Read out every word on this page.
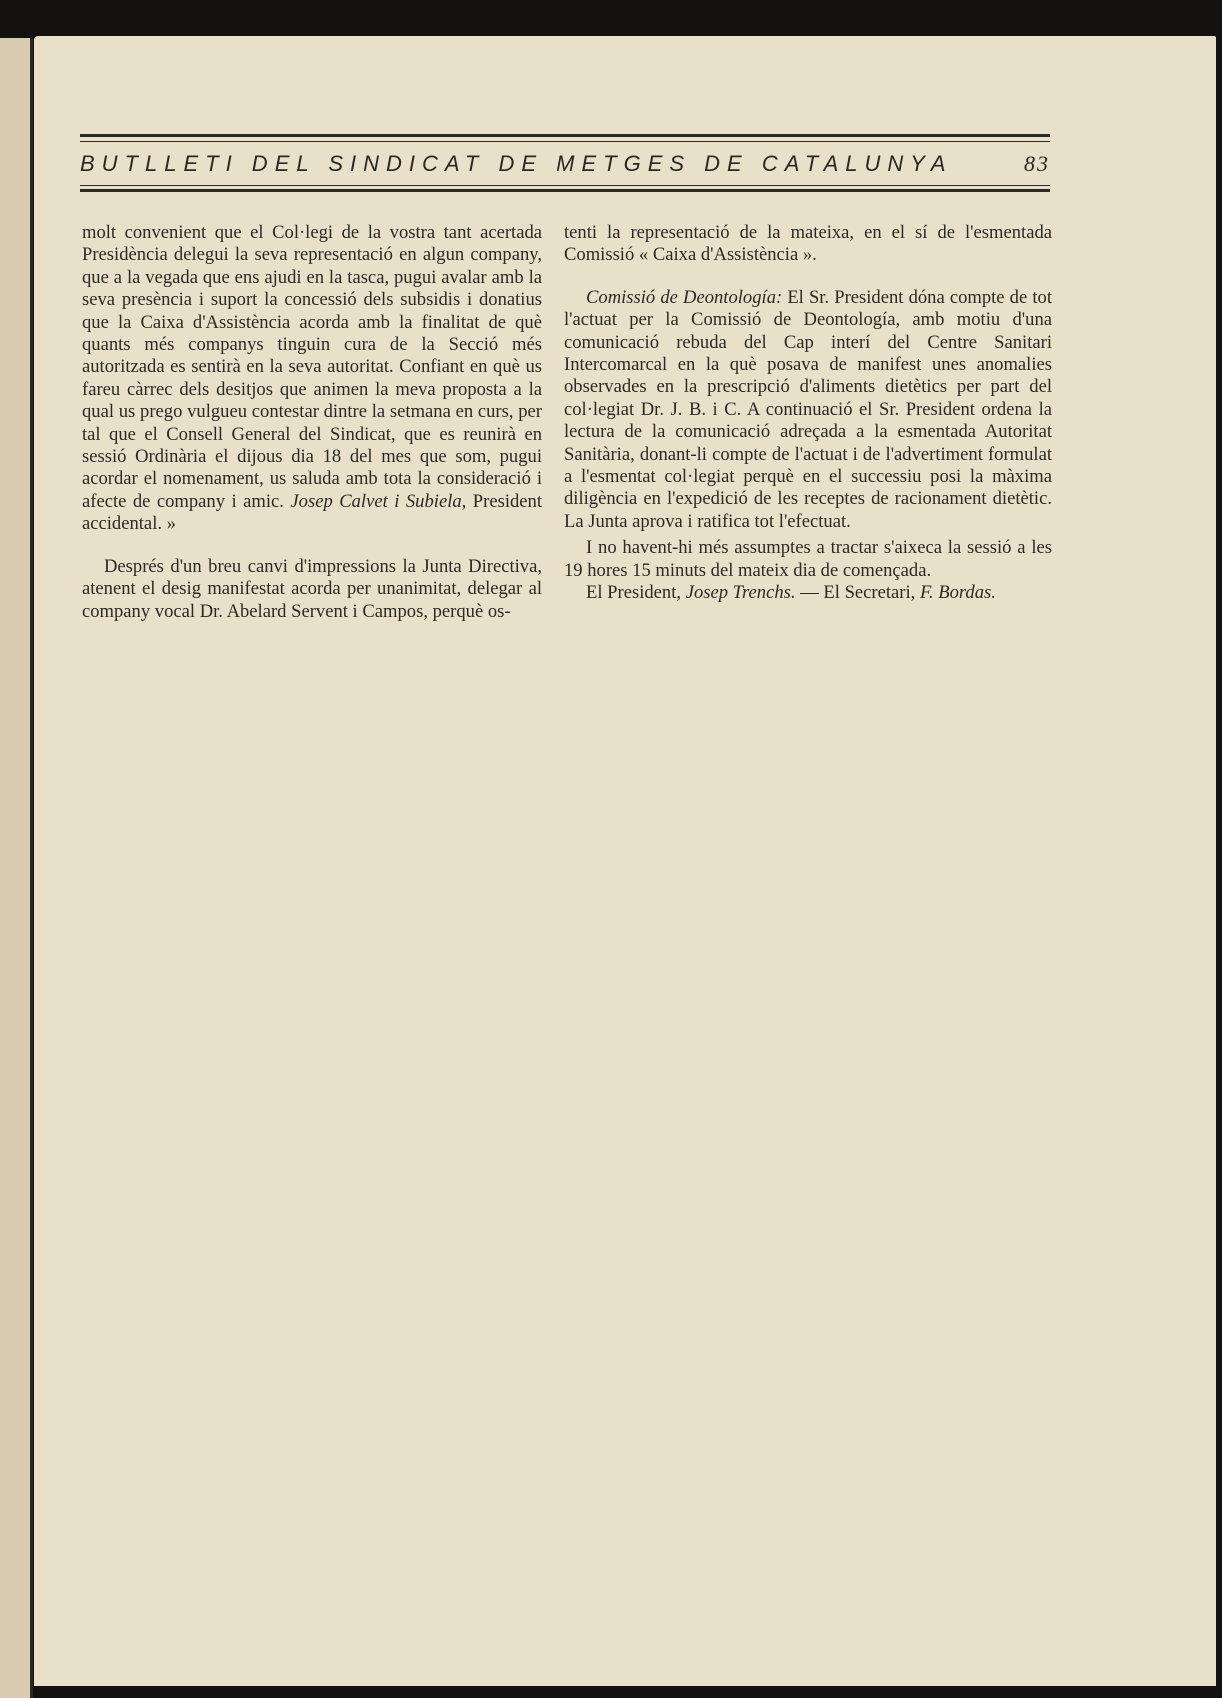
BUTLLETI DEL SINDICAT DE METGES DE CATALUNYA	83

molt convenient que el Col·legi de la vostra tant acertada Presidència delegui la seva representació en algun company, que a la vegada que ens ajudi en la tasca, pugui avalar amb la seva presència i suport la concessió dels subsidis i donatius que la Caixa d'Assistència acorda amb la finalitat de què quants més companys tinguin cura de la Secció més autoritzada es sentirà en la seva autoritat. Confiant en què us fareu càrrec dels desitjos que animen la meva proposta a la qual us prego vulgueu contestar dintre la setmana en curs, per tal que el Consell General del Sindicat, que es reunirà en sessió Ordinària el dijous dia 18 del mes que som, pugui acordar el nomenament, us saluda amb tota la consideració i afecte de company i amic. Josep Calvet i Subiela, President accidental. »

Després d'un breu canvi d'impressions la Junta Directiva, atenent el desig manifestat acorda per unanimitat, delegar al company vocal Dr. Abelard Servent i Campos, perquè os-

tenti la representació de la mateixa, en el sí de l'esmentada Comissió « Caixa d'Assistència ».

Comissió de Deontología: El Sr. President dóna compte de tot l'actuat per la Comissió de Deontología, amb motiu d'una comunicació rebuda del Cap interí del Centre Sanitari Intercomarcal en la què posava de manifest unes anomalies observades en la prescripció d'aliments dietètics per part del col·legiat Dr. J. B. i C. A continuació el Sr. President ordena la lectura de la comunicació adreçada a la esmentada Autoritat Sanitària, donant-li compte de l'actuat i de l'advertiment formulat a l'esmentat col·legiat perquè en el successiu posi la màxima diligència en l'expedició de les receptes de racionament dietètic. La Junta aprova i ratifica tot l'efectuat.

I no havent-hi més assumptes a tractar s'aixeca la sessió a les 19 hores 15 minuts del mateix dia de començada.

El President, Josep Trenchs. — El Secretari, F. Bordas.
